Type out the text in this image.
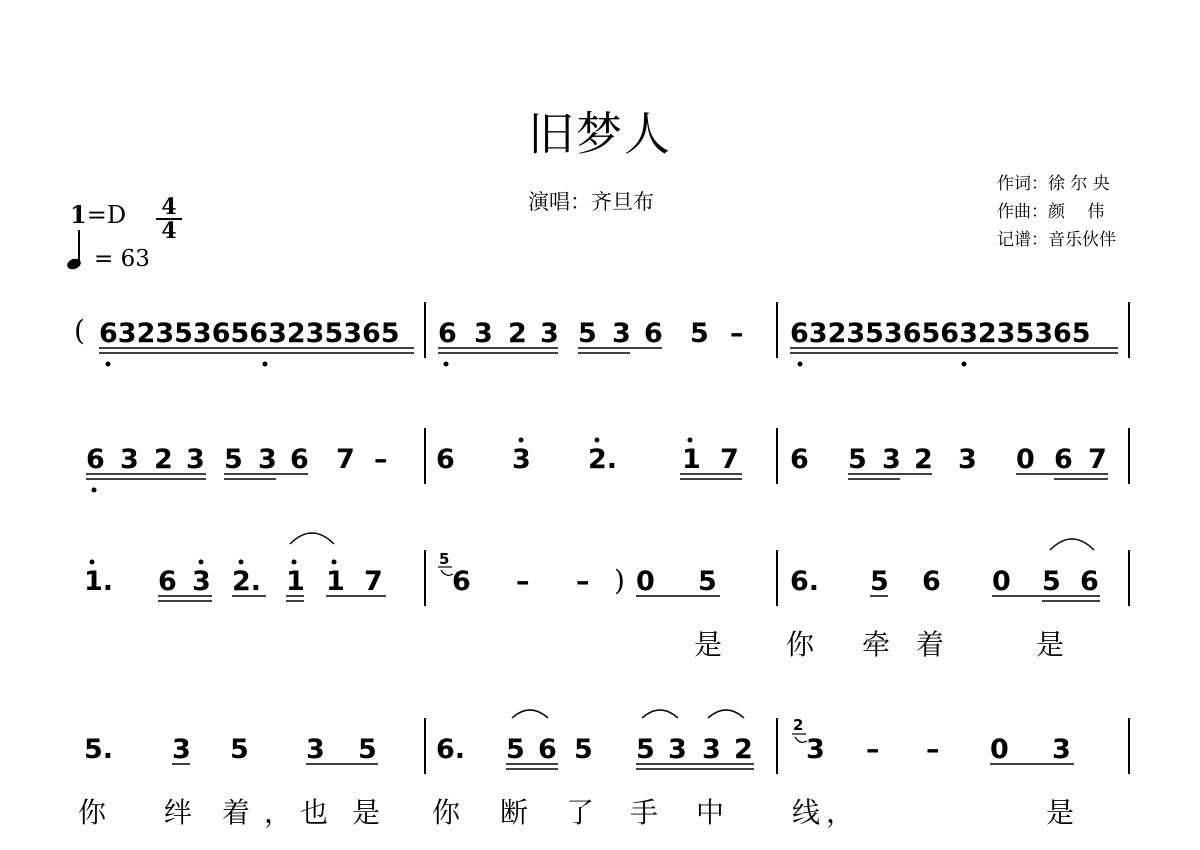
旧梦人
演唱：齐旦布
作词：徐 尔 央
作曲：颜 　伟
记谱：音乐伙伴
1=D 4
4
= 63
( 6323536563235365 6 3 2 3 5 3 6 5 – 6323536563235365
6 3 2 3 5 3 6 7 – 6 3 2. 1 7 6 5 3 2 3 0 6 7
1. 6 3 2. 1 1 7
5
6 – – ) 0 5	6. 5 6 0 5 6
是 你 牵 着	是
5. 3 5 3 5 6. 5 6 5 5 3 3 2
2
3 – – 0 3
你 绊 着 ， 也 是 你 断 了 手 中 线 ，	是
